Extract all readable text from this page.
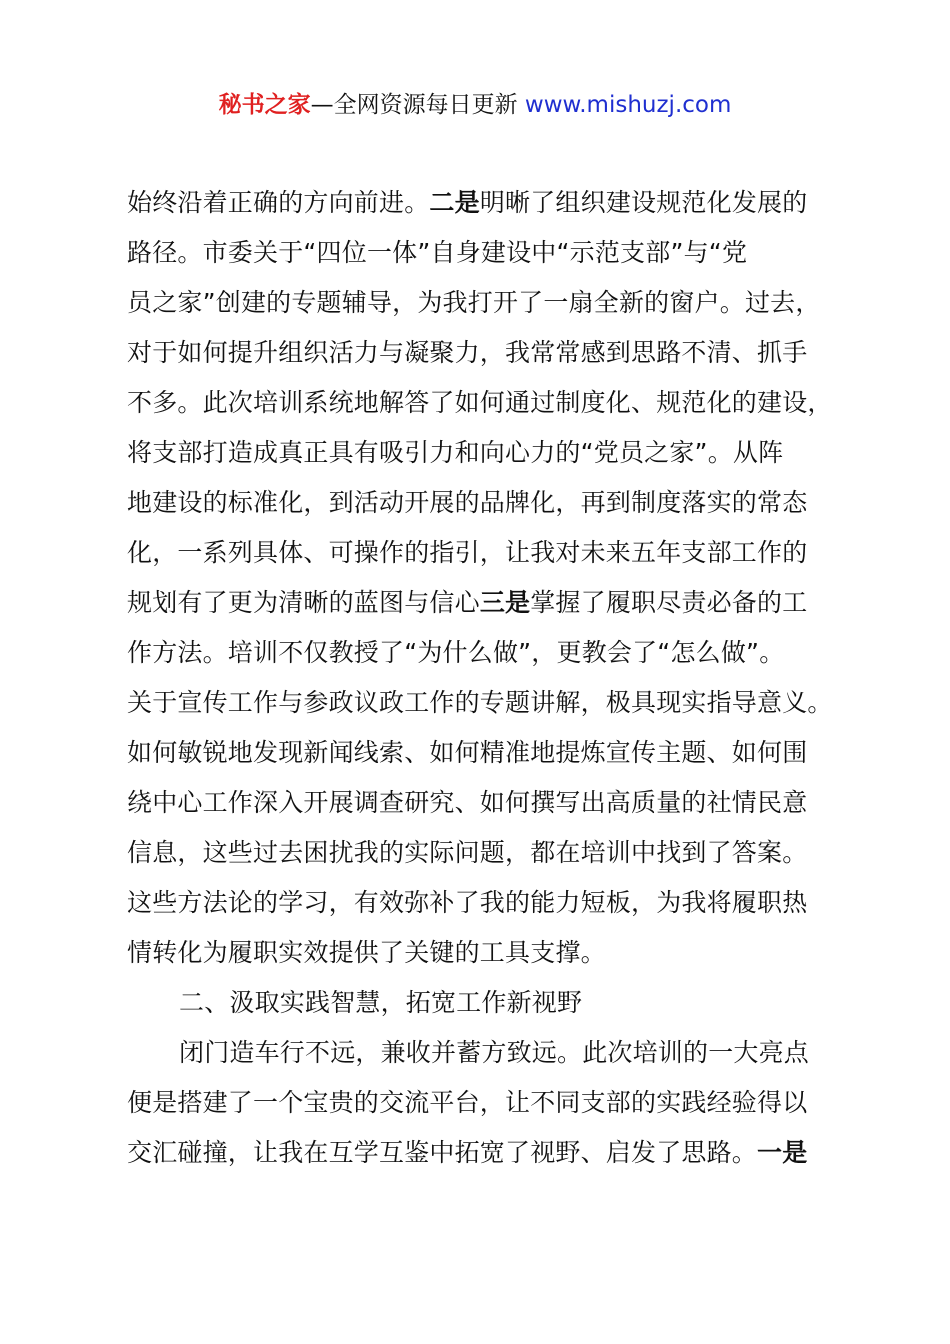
秘书之家—全网资源每日更新 www.mishuzj.com
始终沿着正确的方向前进。二是明晰了组织建设规范化发展的
路径。市委关于“四位一体”自身建设中“示范支部”与“党
员之家”创建的专题辅导，为我打开了一扇全新的窗户。过去，
对于如何提升组织活力与凝聚力，我常常感到思路不清、抓手
不多。此次培训系统地解答了如何通过制度化、规范化的建设，
将支部打造成真正具有吸引力和向心力的“党员之家”。从阵
地建设的标准化，到活动开展的品牌化，再到制度落实的常态
化，一系列具体、可操作的指引，让我对未来五年支部工作的
规划有了更为清晰的蓝图与信心三是掌握了履职尽责必备的工
作方法。培训不仅教授了“为什么做”，更教会了“怎么做”。
关于宣传工作与参政议政工作的专题讲解，极具现实指导意义。
如何敏锐地发现新闻线索、如何精准地提炼宣传主题、如何围
绕中心工作深入开展调查研究、如何撰写出高质量的社情民意
信息，这些过去困扰我的实际问题，都在培训中找到了答案。
这些方法论的学习，有效弥补了我的能力短板，为我将履职热
情转化为履职实效提供了关键的工具支撑。
二、汲取实践智慧，拓宽工作新视野
闭门造车行不远，兼收并蓄方致远。此次培训的一大亮点
便是搭建了一个宝贵的交流平台，让不同支部的实践经验得以
交汇碰撞，让我在互学互鉴中拓宽了视野、启发了思路。一是
